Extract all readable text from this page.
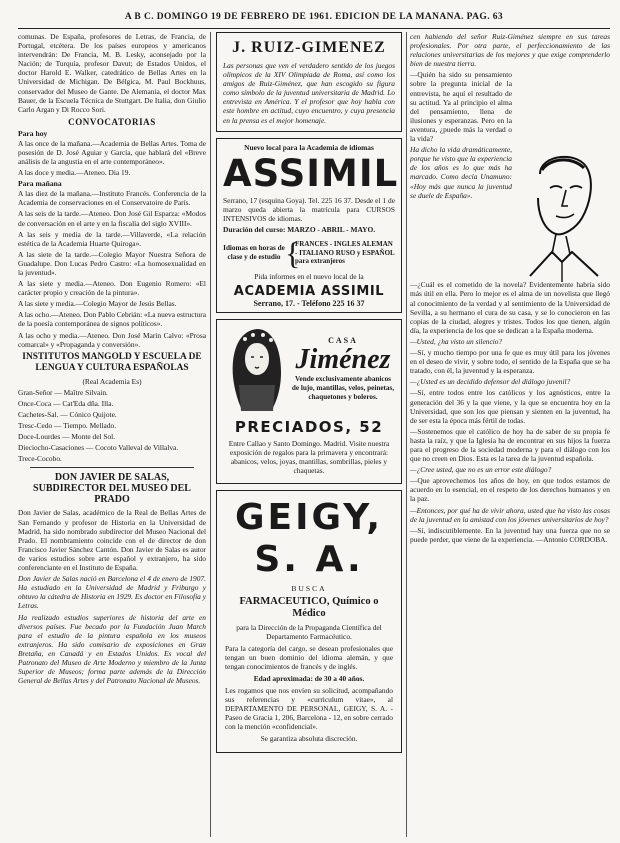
A B C. DOMINGO 19 DE FEBRERO DE 1961. EDICION DE LA MAÑANA. PAG. 63

comunas. De España, profesores de Letras, de Francia, de Portugal, etcétera. De los países europeos y americanos intervendrán: De Francia, M. B. Lesky, aconsejado por la Nación; de Turquía, profesor Davut; de Estados Unidos, el doctor Harold E. Walker, catedrático de Bellas Artes en la Universidad de Michigan. De Bélgica, M. Paul Bockhuus, conservador del Museo de Gante. De Alemania, el doctor Max Bauer, de la Escuela Técnica de Stuttgart. De Italia, don Giulio Carlo Argan y Di Rocco Sori.

CONVOCATORIAS
Para hoy

A las once de la mañana.—Academia de Bellas Artes. Toma de posesión de D. José Aguiar y García, que hablará del «Breve análisis de la angustia en el arte contemporáneo».

A las doce y media.—Ateneo. Dia 19.

Para mañana

A las diez de la mañana.—Instituto Francés. Conferencia de la Academia de conservaciones en el Conservatoire de París.

A las seis de la tarde.—Ateneo. Don José Gil Esparza: «Modos de conversación en el arte y en la fiscalía del siglo XVIII».

A las seis y media de la tarde.—Villaverde, «La relación estética de la Academia Huarte Quiroga».

A las siete de la tarde.—Colegio Mayor Nuestra Señora de Guadalupe. Don Lucas Pedro Castro: «La homosexualidad en la juventud».

A las siete y media.—Ateneo. Don Eugenio Romero: «El carácter propio y creación de la pintura».

A las siete y media.—Colegio Mayor de Jesús Bellas.

A las ocho.—Ateneo. Don Pablo Cebrián: «La nueva estructura de la poesía contemporánea de signos políticos».

A las ocho y media.—Ateneo. Don José Marín Calvo: «Prosa comarcal» y «Propaganda y conversión».

INSTITUTOS MANGOLD Y ESCUELA DE LENGUA Y CULTURA ESPAÑOLAS
(Real Academia Es)
Gran-Señor — Maître Silvain.
Once-Coca — Cat'Eda dña. Illa.
Cachetes-Sal. — Cónico Quijote.
Tresc-Cedo — Tiempo. Mellado.
Doce-Lourdes — Monte del Sol.
Dieciocho-Casaciones — Cocoto Valleval de Villalva.
Trece-Cocobo.
DON JAVIER DE SALAS, SUBDIRECTOR DEL MUSEO DEL PRADO

Don Javier de Salas, académico de la Real de Bellas Artes de San Fernando y profesor de Historia en la Universidad de Madrid, ha sido nombrado subdirector del Museo Nacional del Prado. El nombramiento coincide con el de director de don Francisco Javier Sánchez Cantón. Don Javier de Salas es autor de varios estudios sobre arte español y extranjero, ha sido conferenciante en el Instituto de España.

Don Javier de Salas nació en Barcelona el 4 de enero de 1907. Ha estudiado en la Universidad de Madrid y Friburgo y obtuvo la cátedra de Historia en 1929. Es doctor en Filosofía y Letras.

Ha realizado estudios superiores de historia del arte en diversos países. Fue becado por la Fundación Juan March para el estudio de la pintura española en los museos extranjeros. Ha sido comisario de exposiciones en Gran Bretaña, en Canadá y en Estados Unidos. Es vocal del Patronato del Museo de Arte Moderno y miembro de la Junta Superior de Museos; forma parte además de la Dirección General de Bellas Artes y del Patronato Nacional de Museos.

J. RUIZ-GIMENEZ

Las personas que ven el verdadero sentido de los juegos olímpicos de la XIV Olimpiada de Roma, así como los amigos de Ruiz-Giménez, que han escogido su figura como símbolo de la juventud universitaria de Madrid. Lo entrevista en América. Y el profesor que hoy habla con este hombre en actitud, cuyo encuentro, y cuya presencia en la prensa es el mejor homenaje.

Nuevo local para la Academia de idiomas
ASSIMIL

Serrano, 17 (esquina Goya). Tel. 225 16 37. Desde el 1 de marzo queda abierta la matrícula para CURSOS INTENSIVOS de idiomas.

Duración del curso: MARZO - ABRIL - MAYO.

Idiomas en horas de clase y de estudio {
FRANCES - INGLES ALEMAN - ITALIANO RUSO y ESPAÑOL para extranjeros

Pida informes en el nuevo local de la

ACADEMIA ASSIMIL
Serrano, 17. - Teléfono 225 16 37
CASA
Jiménez
Vende exclusivamente abanicos de lujo, mantillas, velos, peinetas, chaquetones y boleros.
PRECIADOS, 52

Entre Callao y Santo Domingo. Madrid. Visite nuestra exposición de regalos para la primavera y encontrará: abanicos, velos, joyas, mantillas, sombrillas, pieles y chaquetas.

GEIGY, S. A.
BUSCA
FARMACEUTICO, Químico o Médico

para la Dirección de la Propaganda Científica del Departamento Farmacéutico.

Para la categoría del cargo, se desean profesionales que tengan un buen dominio del idioma alemán, y que tengan conocimientos de francés y de inglés.

Edad aproximada: de 30 a 40 años.

Les rogamos que nos envíen su solicitud, acompañando sus referencias y «curriculum vitae», al DEPARTAMENTO DE PERSONAL, GEIGY, S. A. - Paseo de Gracia 1, 206, Barcelona - 12, en sobre cerrado con la mención «confidencial».

Se garantiza absoluta discreción.

cen habiendo del señor Ruiz-Giménez siempre en sus tareas profesionales. Por otra parte, el perfeccionamiento de las relaciones universitarias de los mejores y que exige comprenderlo bien de nuestra tierra.

—Quién ha sido su pensamiento sobre la pregunta inicial de la entrevista, he aquí el resultado de su actitud. Ya al principio el alma del pensamiento, llena de ilusiones y esperanzas. Pero en la aventura, ¿puede más la verdad o la vida?

Ha dicho la vida dramáticamente, porque he visto que la experiencia de los años es lo que más ha marcado. Como decía Unamuno: «Hoy más que nunca la juventud se duele de España».

—¿Cuál es el cometido de la novela? Evidentemente habría sido más útil en ella. Pero lo mejor es el alma de un novelista que llegó al conocimiento de la verdad y al sentimiento de la Universidad de Sevilla, a su hermano el cura de su casa, y se lo conocieron en las copias de la ciudad, alegres y tristes. Todos los que tienen, algún día, la experiencia de los que se dedican a la España moderna.

—Usted, ¿ha visto un silencio?

—Sí, y mucho tiempo por una fe que es muy útil para los jóvenes en el deseo de vivir, y sobre todo, el sentido de la España que se ha tratado, con él, la juventud y la esperanza.

—¿Usted es un decidido defensor del diálogo juvenil?

—Sí, entre todos entre los católicos y los agnósticos, entre la generación del 36 y la que viene, y la que se encuentra hoy en la Universidad, que son los que piensan y sienten en la juventud, ha de ser esta la época más fértil de todas.

—Sostenemos que el católico de hoy ha de saber de su propia fe hasta la raíz, y que la Iglesia ha de encontrar en sus hijos la fuerza para el progreso de la sociedad moderna y para el diálogo con los que no creen en Dios. Esta es la tarea de la juventud española.

—¿Cree usted, que no es un error este diálogo?

—Que aprovechemos los años de hoy, en que todos estamos de acuerdo en lo esencial, en el respeto de los derechos humanos y en la paz.

—Entonces, por qué ha de vivir ahora, usted que ha visto las cosas de la juventud en la amistad con los jóvenes universitarios de hoy?

—Sí, indiscutiblemente. En la juventud hay una fuerza que no se puede perder, que viene de la experiencia. —Antonio CORDOBA.
